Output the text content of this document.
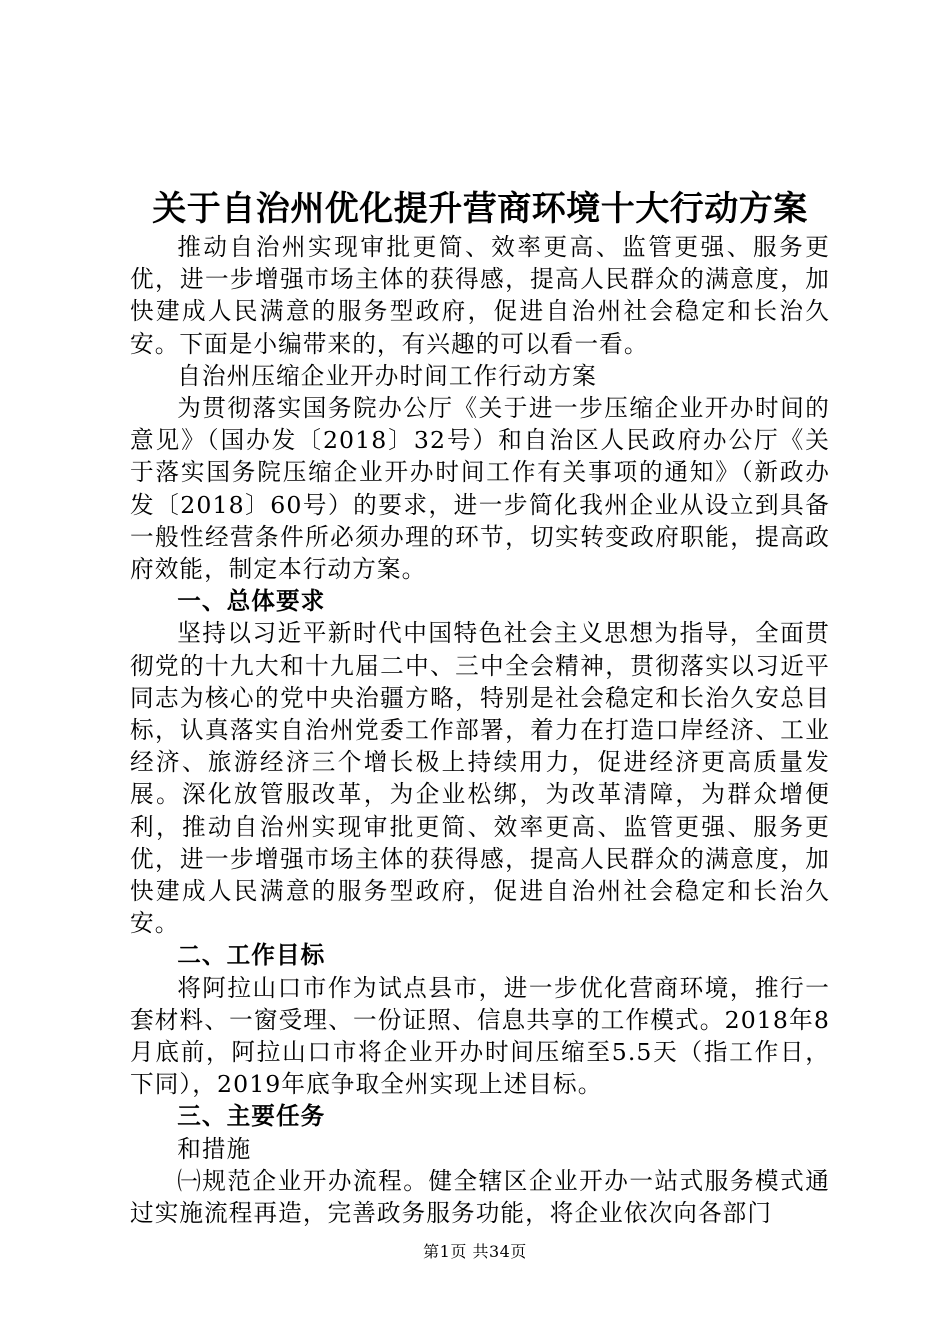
关于自治州优化提升营商环境十大行动方案

推动自治州实现审批更简、效率更高、监管更强、服务更优，进一步增强市场主体的获得感，提高人民群众的满意度，加快建成人民满意的服务型政府，促进自治州社会稳定和长治久安。下面是小编带来的，有兴趣的可以看一看。

自治州压缩企业开办时间工作行动方案

为贯彻落实国务院办公厅《关于进一步压缩企业开办时间的意见》（国办发〔2018〕32号）和自治区人民政府办公厅《关于落实国务院压缩企业开办时间工作有关事项的通知》（新政办发〔2018〕60号）的要求，进一步简化我州企业从设立到具备一般性经营条件所必须办理的环节，切实转变政府职能，提高政府效能，制定本行动方案。

一、总体要求

坚持以习近平新时代中国特色社会主义思想为指导，全面贯彻党的十九大和十九届二中、三中全会精神，贯彻落实以习近平同志为核心的党中央治疆方略，特别是社会稳定和长治久安总目标，认真落实自治州党委工作部署，着力在打造口岸经济、工业经济、旅游经济三个增长极上持续用力，促进经济更高质量发展。深化放管服改革，为企业松绑，为改革清障，为群众增便利，推动自治州实现审批更简、效率更高、监管更强、服务更优，进一步增强市场主体的获得感，提高人民群众的满意度，加快建成人民满意的服务型政府，促进自治州社会稳定和长治久安。

二、工作目标

将阿拉山口市作为试点县市，进一步优化营商环境，推行一套材料、一窗受理、一份证照、信息共享的工作模式。2018年8月底前，阿拉山口市将企业开办时间压缩至5.5天（指工作日，下同），2019年底争取全州实现上述目标。

三、主要任务

和措施

㈠规范企业开办流程。健全辖区企业开办一站式服务模式通过实施流程再造，完善政务服务功能，将企业依次向各部门

第1页 共34页
